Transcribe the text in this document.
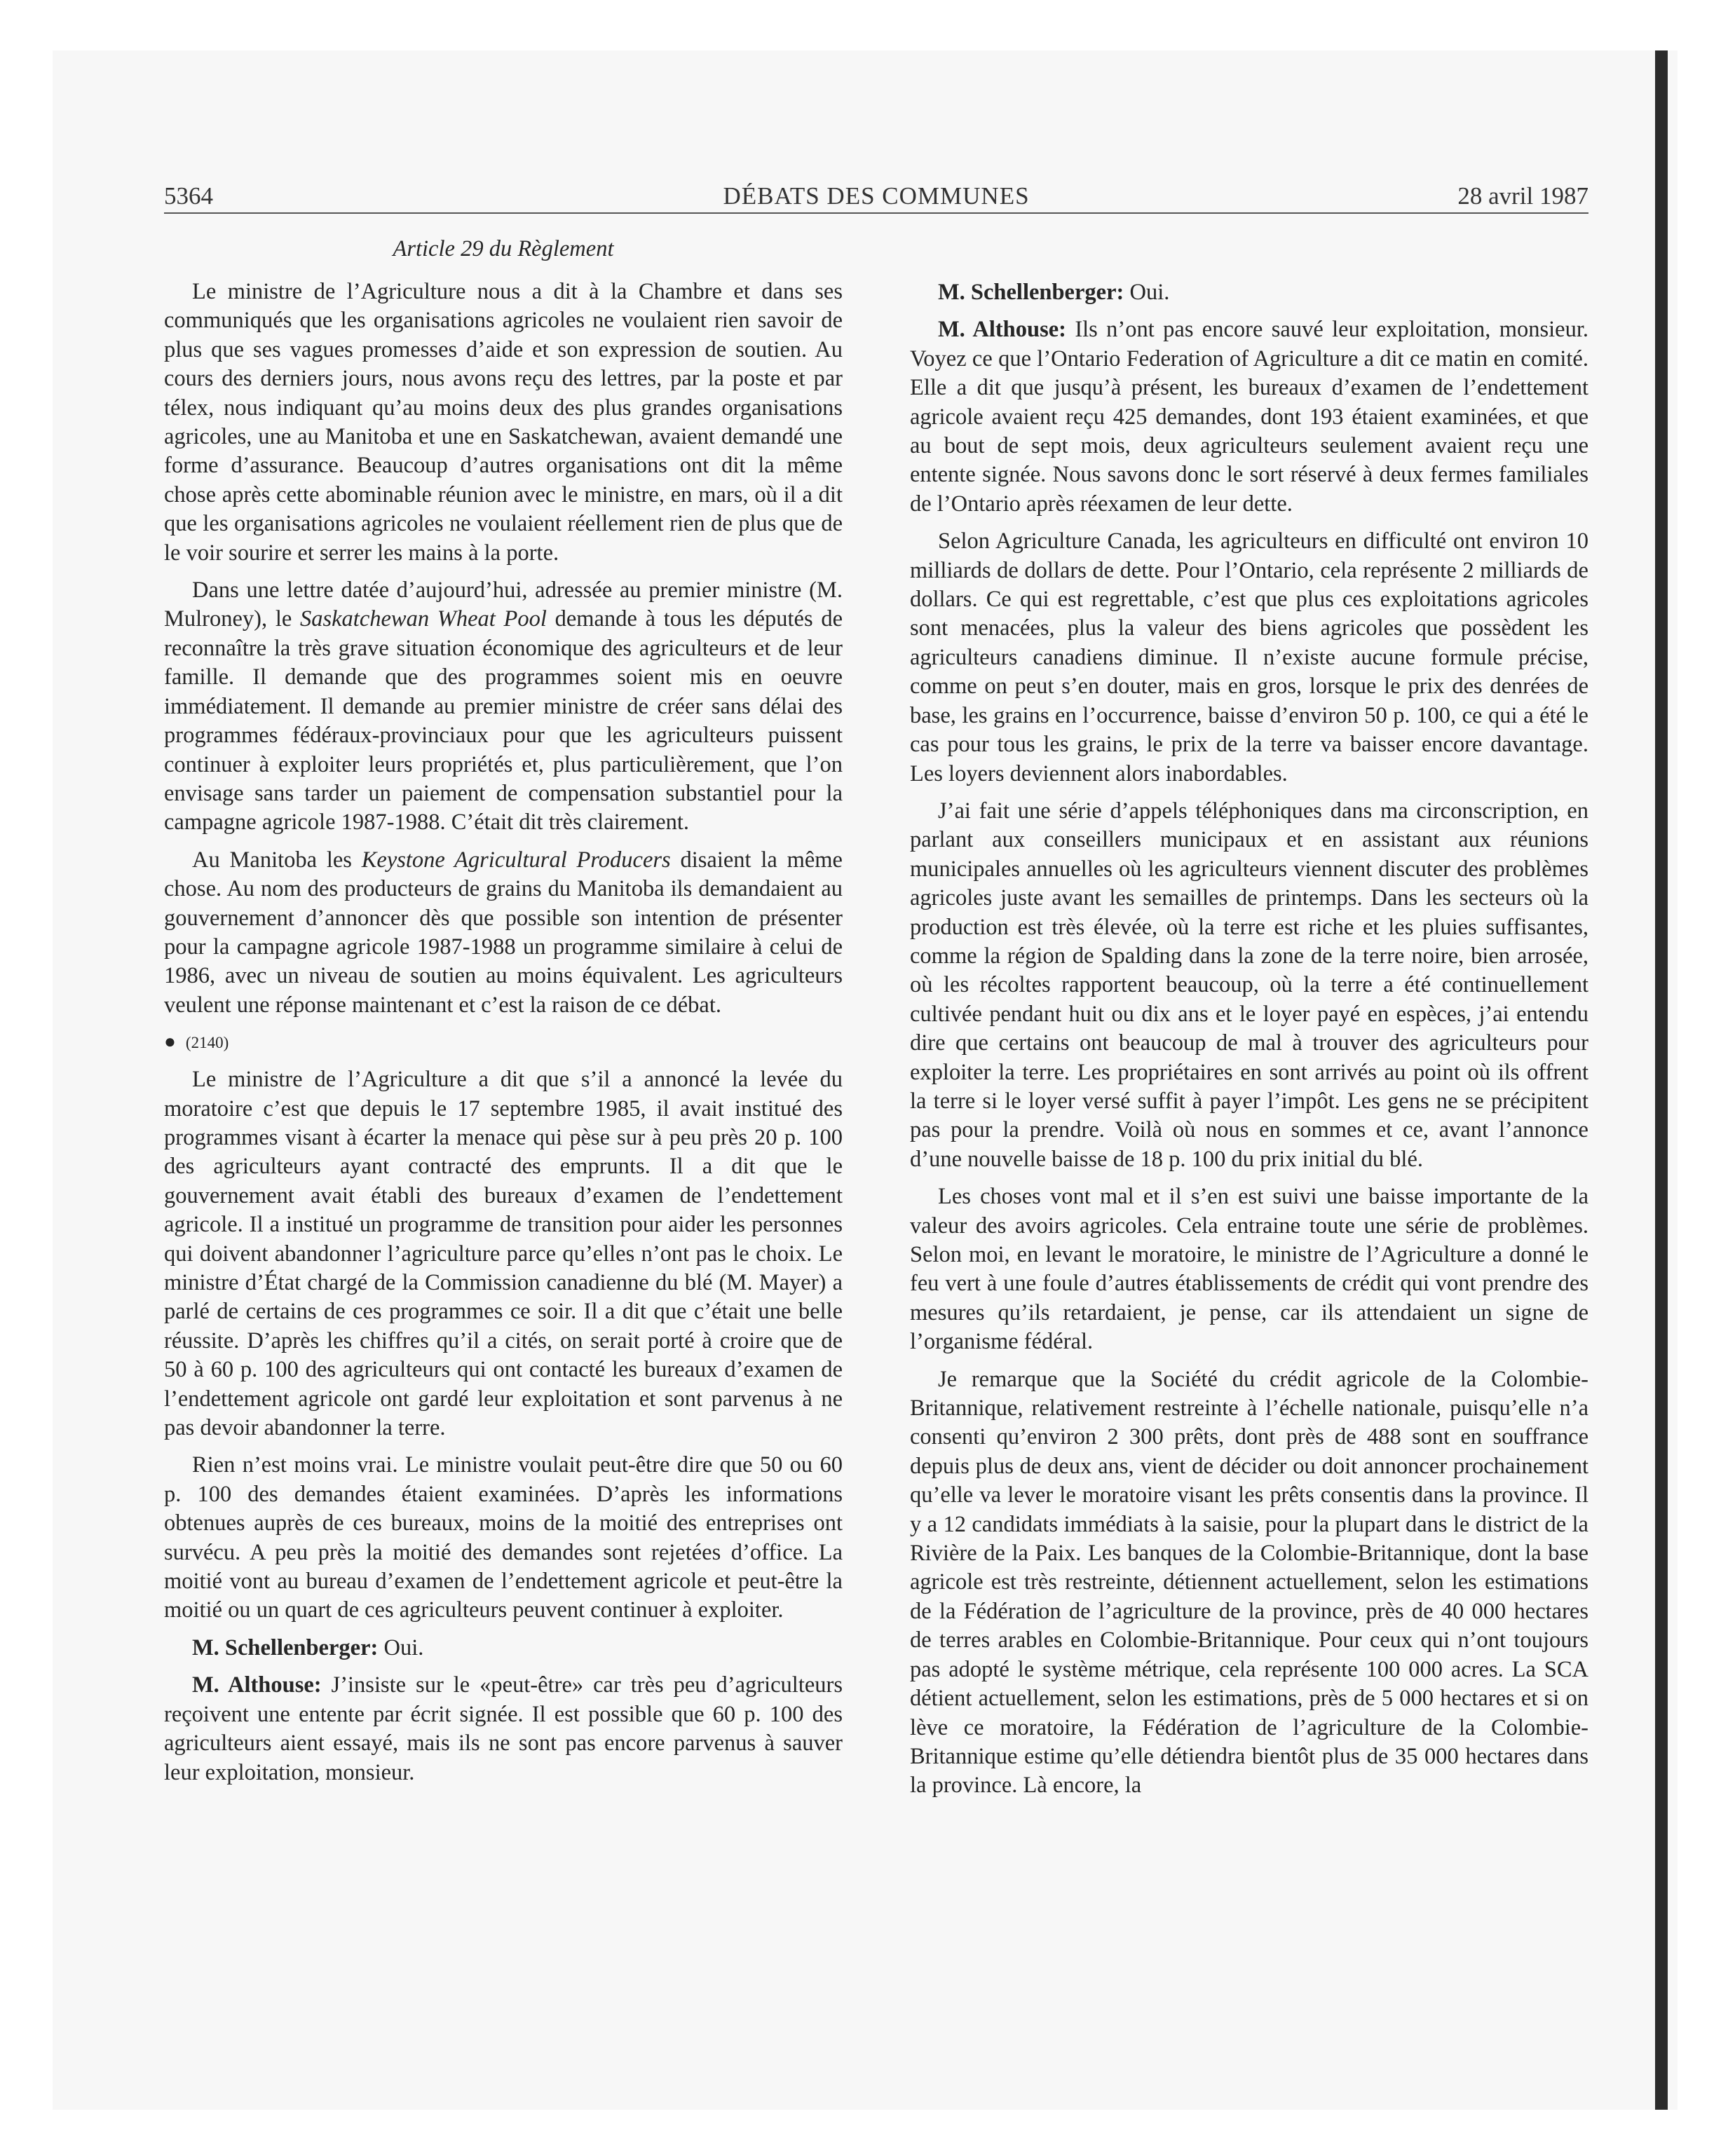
5364	DÉBATS DES COMMUNES	28 avril 1987
Article 29 du Règlement

Le ministre de l’Agriculture nous a dit à la Chambre et dans ses communiqués que les organisations agricoles ne voulaient rien savoir de plus que ses vagues promesses d’aide et son expression de soutien. Au cours des derniers jours, nous avons reçu des lettres, par la poste et par télex, nous indiquant qu’au moins deux des plus grandes organisations agricoles, une au Manitoba et une en Saskatchewan, avaient demandé une forme d’assurance. Beaucoup d’autres organisations ont dit la même chose après cette abominable réunion avec le ministre, en mars, où il a dit que les organisations agricoles ne voulaient réellement rien de plus que de le voir sourire et serrer les mains à la porte.

Dans une lettre datée d’aujourd’hui, adressée au premier ministre (M. Mulroney), le Saskatchewan Wheat Pool demande à tous les députés de reconnaître la très grave situation économique des agriculteurs et de leur famille. Il demande que des programmes soient mis en oeuvre immédiatement. Il demande au premier ministre de créer sans délai des programmes fédéraux-provinciaux pour que les agriculteurs puissent continuer à exploiter leurs propriétés et, plus particulièrement, que l’on envisage sans tarder un paiement de compensation substantiel pour la campagne agricole 1987-1988. C’était dit très clairement.

Au Manitoba les Keystone Agricultural Producers disaient la même chose. Au nom des producteurs de grains du Manitoba ils demandaient au gouvernement d’annoncer dès que possible son intention de présenter pour la campagne agricole 1987-1988 un programme similaire à celui de 1986, avec un niveau de soutien au moins équivalent. Les agriculteurs veulent une réponse maintenant et c’est la raison de ce débat.

● (2140)

Le ministre de l’Agriculture a dit que s’il a annoncé la levée du moratoire c’est que depuis le 17 septembre 1985, il avait institué des programmes visant à écarter la menace qui pèse sur à peu près 20 p. 100 des agriculteurs ayant contracté des emprunts. Il a dit que le gouvernement avait établi des bureaux d’examen de l’endettement agricole. Il a institué un programme de transition pour aider les personnes qui doivent abandonner l’agriculture parce qu’elles n’ont pas le choix. Le ministre d’État chargé de la Commission canadienne du blé (M. Mayer) a parlé de certains de ces programmes ce soir. Il a dit que c’était une belle réussite. D’après les chiffres qu’il a cités, on serait porté à croire que de 50 à 60 p. 100 des agriculteurs qui ont contacté les bureaux d’examen de l’endettement agricole ont gardé leur exploitation et sont parvenus à ne pas devoir abandonner la terre.

Rien n’est moins vrai. Le ministre voulait peut-être dire que 50 ou 60 p. 100 des demandes étaient examinées. D’après les informations obtenues auprès de ces bureaux, moins de la moitié des entreprises ont survécu. A peu près la moitié des demandes sont rejetées d’office. La moitié vont au bureau d’examen de l’endettement agricole et peut-être la moitié ou un quart de ces agriculteurs peuvent continuer à exploiter.

M. Schellenberger: Oui.

M. Althouse: J’insiste sur le «peut-être» car très peu d’agriculteurs reçoivent une entente par écrit signée. Il est possible que 60 p. 100 des agriculteurs aient essayé, mais ils ne sont pas encore parvenus à sauver leur exploitation, monsieur.

M. Schellenberger: Oui.

M. Althouse: Ils n’ont pas encore sauvé leur exploitation, monsieur. Voyez ce que l’Ontario Federation of Agriculture a dit ce matin en comité. Elle a dit que jusqu’à présent, les bureaux d’examen de l’endettement agricole avaient reçu 425 demandes, dont 193 étaient examinées, et que au bout de sept mois, deux agriculteurs seulement avaient reçu une entente signée. Nous savons donc le sort réservé à deux fermes familiales de l’Ontario après réexamen de leur dette.

Selon Agriculture Canada, les agriculteurs en difficulté ont environ 10 milliards de dollars de dette. Pour l’Ontario, cela représente 2 milliards de dollars. Ce qui est regrettable, c’est que plus ces exploitations agricoles sont menacées, plus la valeur des biens agricoles que possèdent les agriculteurs canadiens diminue. Il n’existe aucune formule précise, comme on peut s’en douter, mais en gros, lorsque le prix des denrées de base, les grains en l’occurrence, baisse d’environ 50 p. 100, ce qui a été le cas pour tous les grains, le prix de la terre va baisser encore davantage. Les loyers deviennent alors inabordables.

J’ai fait une série d’appels téléphoniques dans ma circonscription, en parlant aux conseillers municipaux et en assistant aux réunions municipales annuelles où les agriculteurs viennent discuter des problèmes agricoles juste avant les semailles de printemps. Dans les secteurs où la production est très élevée, où la terre est riche et les pluies suffisantes, comme la région de Spalding dans la zone de la terre noire, bien arrosée, où les récoltes rapportent beaucoup, où la terre a été continuellement cultivée pendant huit ou dix ans et le loyer payé en espèces, j’ai entendu dire que certains ont beaucoup de mal à trouver des agriculteurs pour exploiter la terre. Les propriétaires en sont arrivés au point où ils offrent la terre si le loyer versé suffit à payer l’impôt. Les gens ne se précipitent pas pour la prendre. Voilà où nous en sommes et ce, avant l’annonce d’une nouvelle baisse de 18 p. 100 du prix initial du blé.

Les choses vont mal et il s’en est suivi une baisse importante de la valeur des avoirs agricoles. Cela entraine toute une série de problèmes. Selon moi, en levant le moratoire, le ministre de l’Agriculture a donné le feu vert à une foule d’autres établissements de crédit qui vont prendre des mesures qu’ils retardaient, je pense, car ils attendaient un signe de l’organisme fédéral.

Je remarque que la Société du crédit agricole de la Colombie-Britannique, relativement restreinte à l’échelle nationale, puisqu’elle n’a consenti qu’environ 2 300 prêts, dont près de 488 sont en souffrance depuis plus de deux ans, vient de décider ou doit annoncer prochainement qu’elle va lever le moratoire visant les prêts consentis dans la province. Il y a 12 candidats immédiats à la saisie, pour la plupart dans le district de la Rivière de la Paix. Les banques de la Colombie-Britannique, dont la base agricole est très restreinte, détiennent actuellement, selon les estimations de la Fédération de l’agriculture de la province, près de 40 000 hectares de terres arables en Colombie-Britannique. Pour ceux qui n’ont toujours pas adopté le système métrique, cela représente 100 000 acres. La SCA détient actuellement, selon les estimations, près de 5 000 hectares et si on lève ce moratoire, la Fédération de l’agriculture de la Colombie-Britannique estime qu’elle détiendra bientôt plus de 35 000 hectares dans la province. Là encore, la
